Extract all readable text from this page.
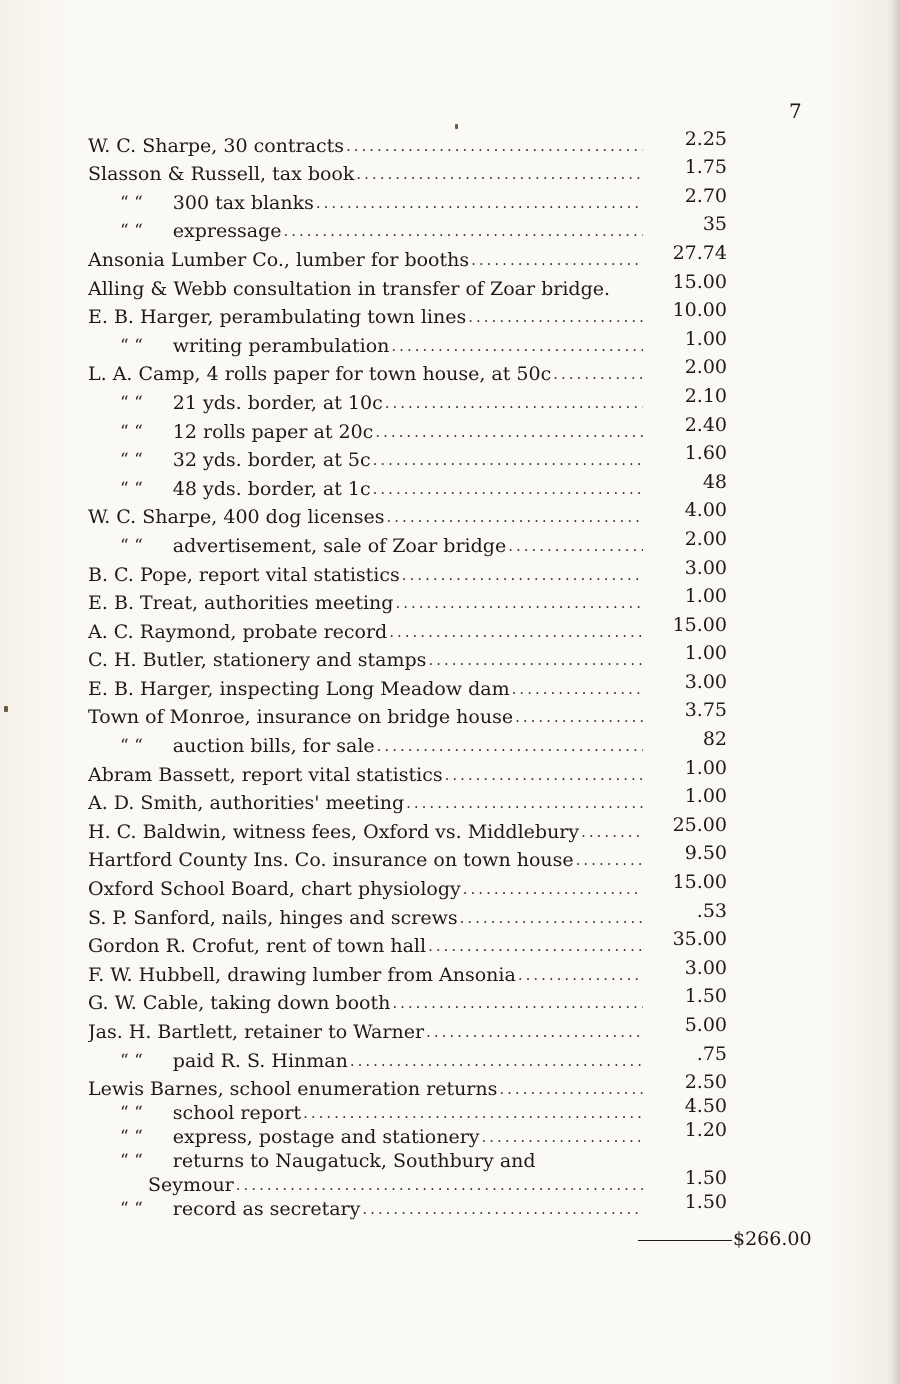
7
W. C. Sharpe, 30 contracts .....	2.25
Slasson & Russell, tax book .....	1.75
“ “ 300 tax blanks .....	2.70
“ “ expressage .....	35
Ansonia Lumber Co., lumber for booths .....	27.74
Alling & Webb consultation in transfer of Zoar bridge.	15.00
E. B. Harger, perambulating town lines .....	10.00
“ “ writing perambulation .....	1.00
L. A. Camp, 4 rolls paper for town house, at 50c .....	2.00
“ “ 21 yds. border, at 10c .....	2.10
“ “ 12 rolls paper at 20c .....	2.40
“ “ 32 yds. border, at 5c .....	1.60
“ “ 48 yds. border, at 1c .....	48
W. C. Sharpe, 400 dog licenses .....	4.00
“ “ advertisement, sale of Zoar bridge .....	2.00
B. C. Pope, report vital statistics .....	3.00
E. B. Treat, authorities meeting .....	1.00
A. C. Raymond, probate record .....	15.00
C. H. Butler, stationery and stamps .....	1.00
E. B. Harger, inspecting Long Meadow dam .....	3.00
Town of Monroe, insurance on bridge house .....	3.75
“ “ auction bills, for sale .....	82
Abram Bassett, report vital statistics .....	1.00
A. D. Smith, authorities' meeting .....	1.00
H. C. Baldwin, witness fees, Oxford vs. Middlebury .....	25.00
Hartford County Ins. Co. insurance on town house .....	9.50
Oxford School Board, chart physiology .....	15.00
S. P. Sanford, nails, hinges and screws .....	.53
Gordon R. Crofut, rent of town hall .....	35.00
F. W. Hubbell, drawing lumber from Ansonia .....	3.00
G. W. Cable, taking down booth .....	1.50
Jas. H. Bartlett, retainer to Warner .....	5.00
“ “ paid R. S. Hinman .....	.75
Lewis Barnes, school enumeration returns .....	2.50
“ “ school report .....	4.50
“ “ express, postage and stationery .....	1.20
“ “ returns to Naugatuck, Southbury and
Seymour .....	1.50
“ “ record as secretary .....	1.50
$266.00
